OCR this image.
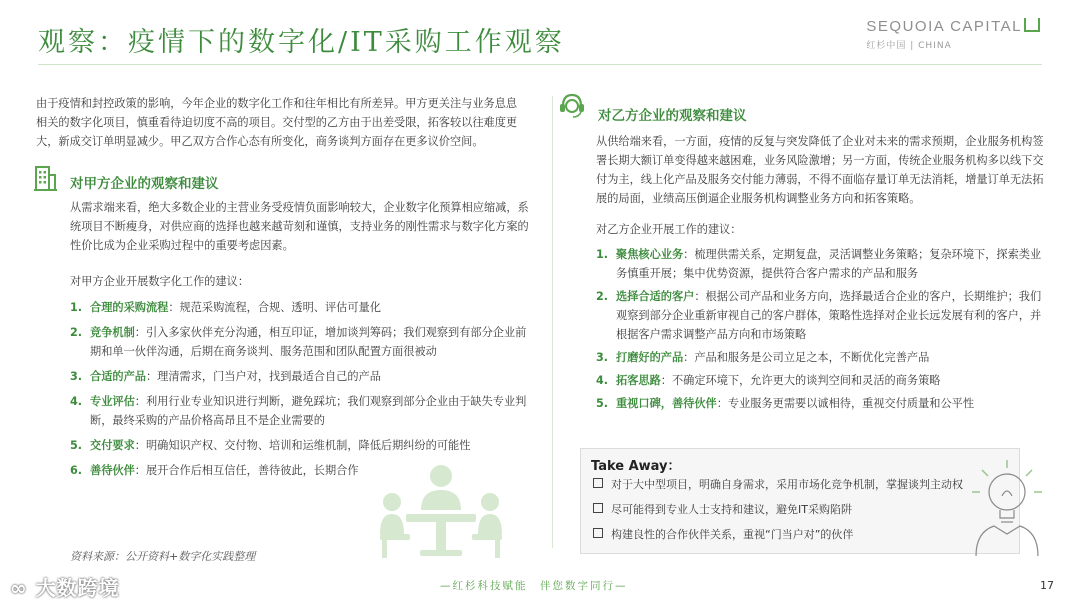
观察：疫情下的数字化/IT采购工作观察
SEQUOIA CAPITAL
红杉中国 | CHINA

由于疫情和封控政策的影响，今年企业的数字化工作和往年相比有所差异。甲方更关注与业务息息相关的数字化项目，慎重看待迫切度不高的项目。交付型的乙方由于出差受限，拓客较以往难度更大，新成交订单明显减少。甲乙双方合作心态有所变化，商务谈判方面存在更多议价空间。

对甲方企业的观察和建议

从需求端来看，绝大多数企业的主营业务受疫情负面影响较大，企业数字化预算相应缩减，系统项目不断瘦身，对供应商的选择也越来越苛刻和谨慎，支持业务的刚性需求与数字化方案的性价比成为企业采购过程中的重要考虑因素。

对甲方企业开展数字化工作的建议：

1. 合理的采购流程：规范采购流程，合规、透明、评估可量化
2. 竞争机制：引入多家伙伴充分沟通，相互印证，增加谈判筹码；我们观察到有部分企业前期和单一伙伴沟通，后期在商务谈判、服务范围和团队配置方面很被动
3. 合适的产品：理清需求，门当户对，找到最适合自己的产品
4. 专业评估：利用行业专业知识进行判断，避免踩坑；我们观察到部分企业由于缺失专业判断，最终采购的产品价格高昂且不是企业需要的
5. 交付要求：明确知识产权、交付物、培训和运维机制，降低后期纠纷的可能性
6. 善待伙伴：展开合作后相互信任，善待彼此，长期合作
资料来源：公开资料+数字化实践整理
对乙方企业的观察和建议

从供给端来看，一方面，疫情的反复与突发降低了企业对未来的需求预期，企业服务机构签署长期大额订单变得越来越困难，业务风险激增；另一方面，传统企业服务机构多以线下交付为主，线上化产品及服务交付能力薄弱，不得不面临存量订单无法消耗，增量订单无法拓展的局面，业绩高压倒逼企业服务机构调整业务方向和拓客策略。

对乙方企业开展工作的建议：

1. 聚焦核心业务：梳理供需关系，定期复盘，灵活调整业务策略；复杂环境下，探索类业务慎重开展；集中优势资源，提供符合客户需求的产品和服务
2. 选择合适的客户：根据公司产品和业务方向，选择最适合企业的客户，长期维护；我们观察到部分企业重新审视自己的客户群体，策略性选择对企业长远发展有利的客户，并根据客户需求调整产品方向和市场策略
3. 打磨好的产品：产品和服务是公司立足之本，不断优化完善产品
4. 拓客思路：不确定环境下，允许更大的谈判空间和灵活的商务策略
5. 重视口碑，善待伙伴：专业服务更需要以诚相待，重视交付质量和公平性
Take Away：
对于大中型项目，明确自身需求，采用市场化竞争机制，掌握谈判主动权
尽可能得到专业人士支持和建议，避免IT采购陷阱
构建良性的合作伙伴关系，重视“门当户对”的伙伴
—红杉科技赋能　伴您数字同行—	17
∞ 大数跨境
